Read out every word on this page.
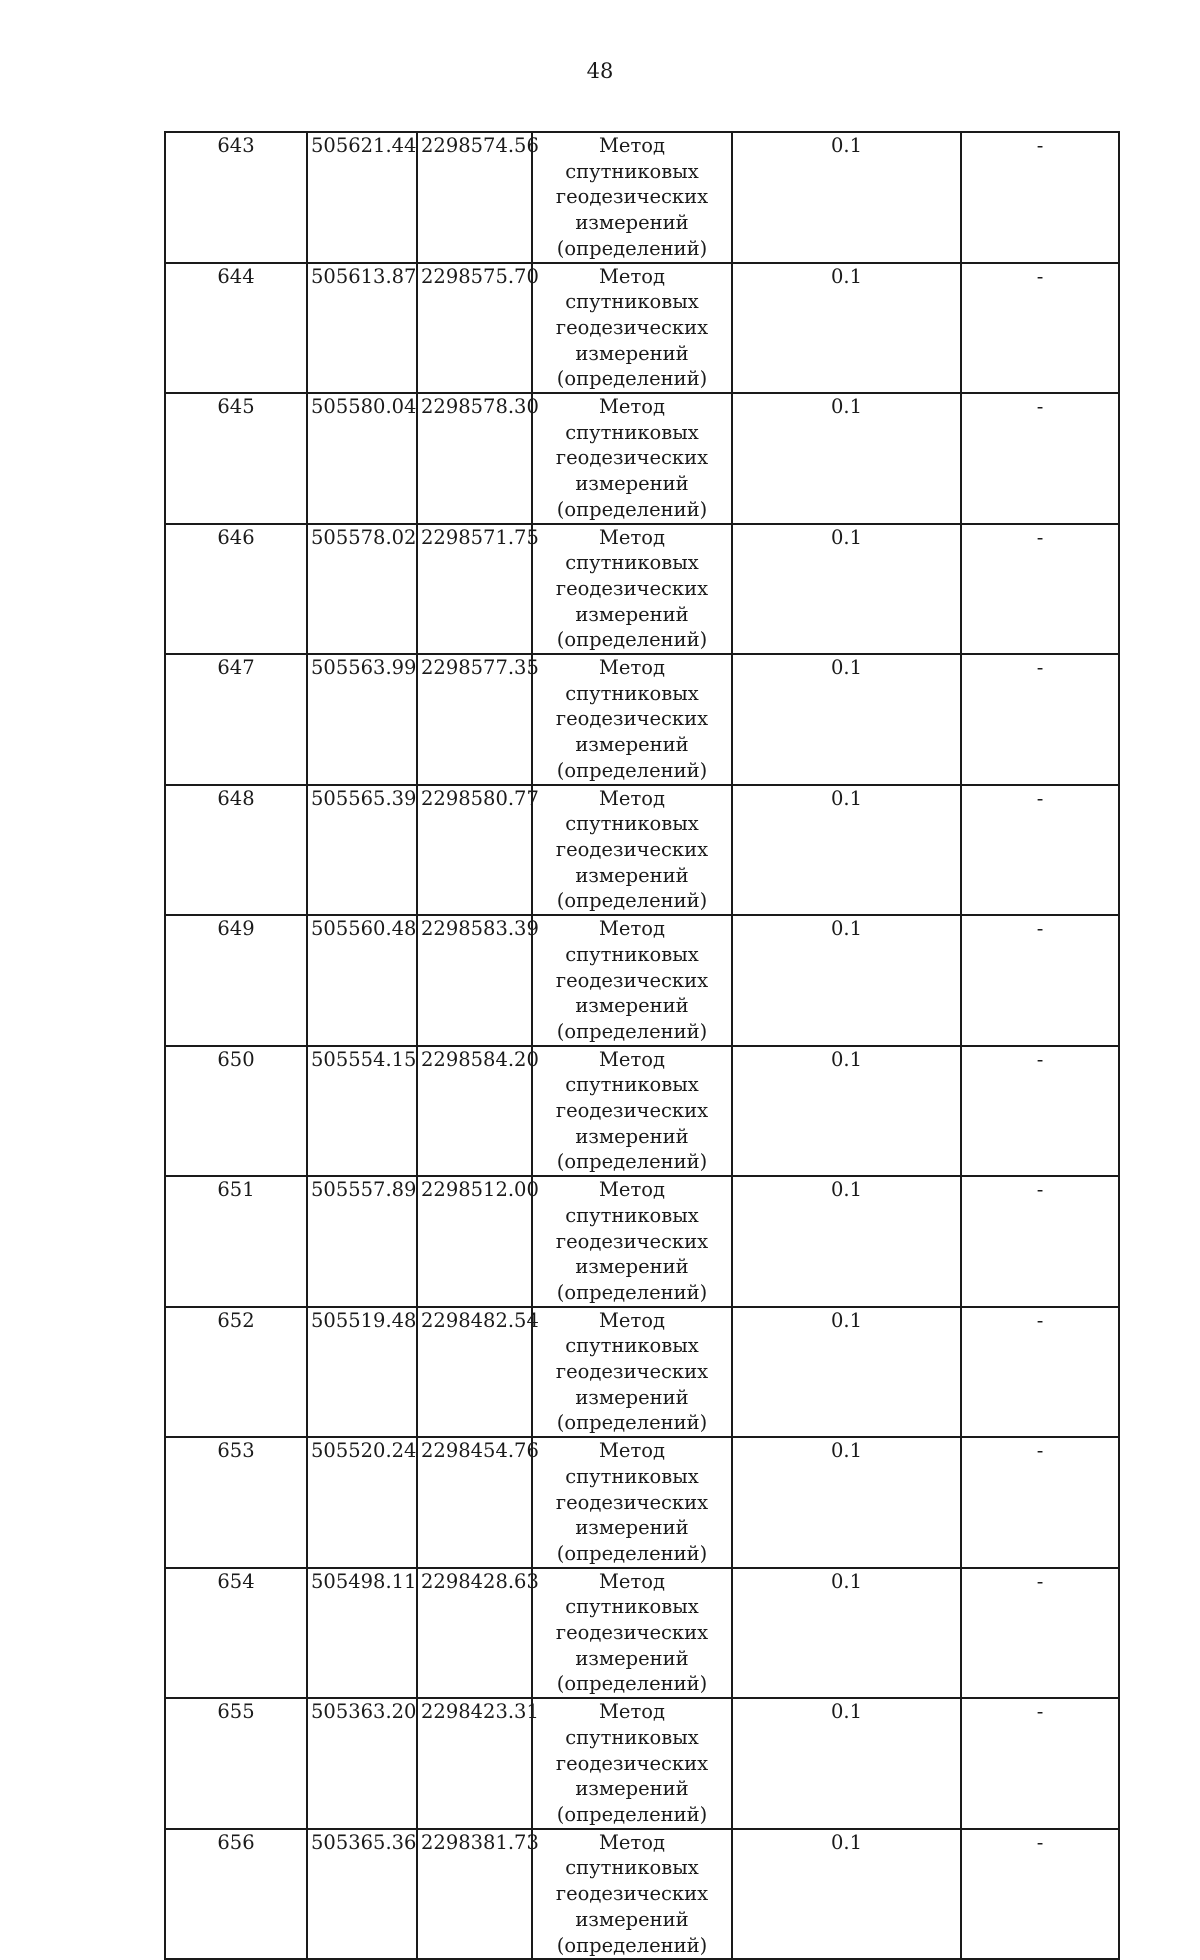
48
643	505621.44	2298574.56	Метод спутниковых геодезических измерений (определений)	0.1	-
644	505613.87	2298575.70	Метод спутниковых геодезических измерений (определений)	0.1	-
645	505580.04	2298578.30	Метод спутниковых геодезических измерений (определений)	0.1	-
646	505578.02	2298571.75	Метод спутниковых геодезических измерений (определений)	0.1	-
647	505563.99	2298577.35	Метод спутниковых геодезических измерений (определений)	0.1	-
648	505565.39	2298580.77	Метод спутниковых геодезических измерений (определений)	0.1	-
649	505560.48	2298583.39	Метод спутниковых геодезических измерений (определений)	0.1	-
650	505554.15	2298584.20	Метод спутниковых геодезических измерений (определений)	0.1	-
651	505557.89	2298512.00	Метод спутниковых геодезических измерений (определений)	0.1	-
652	505519.48	2298482.54	Метод спутниковых геодезических измерений (определений)	0.1	-
653	505520.24	2298454.76	Метод спутниковых геодезических измерений (определений)	0.1	-
654	505498.11	2298428.63	Метод спутниковых геодезических измерений (определений)	0.1	-
655	505363.20	2298423.31	Метод спутниковых геодезических измерений (определений)	0.1	-
656	505365.36	2298381.73	Метод спутниковых геодезических измерений (определений)	0.1	-
